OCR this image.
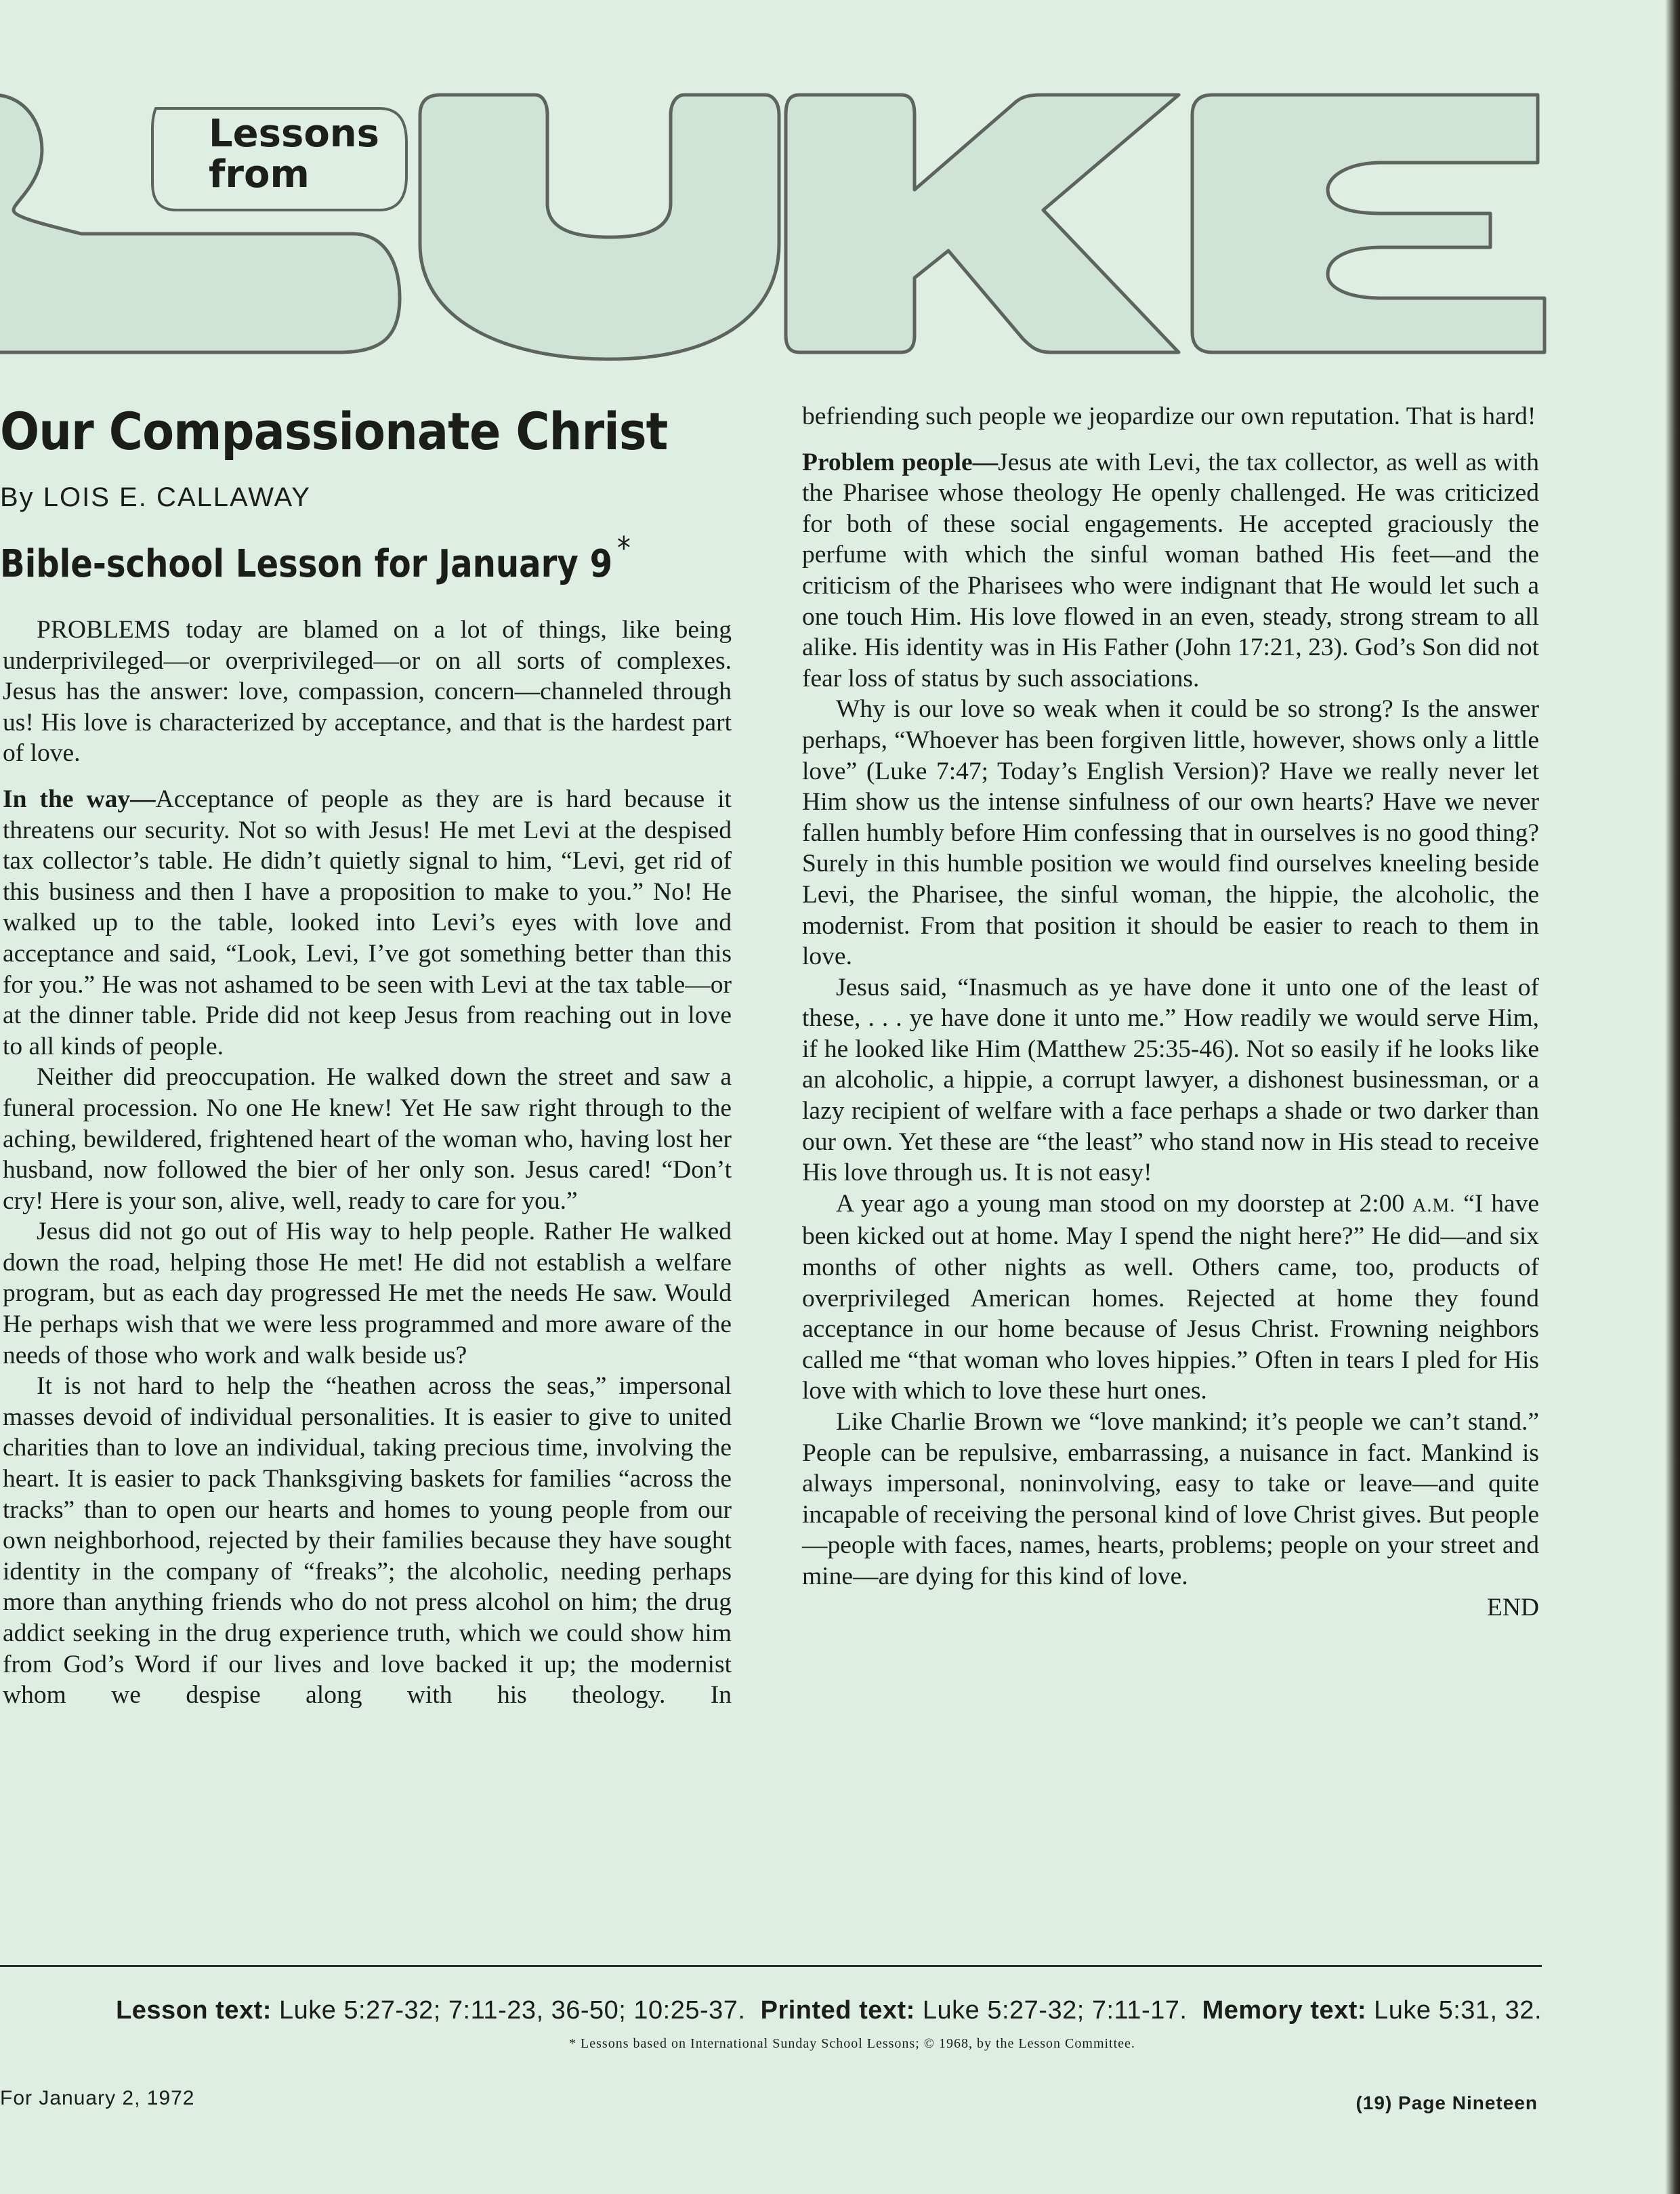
Lessons
from
Our Compassionate Christ
By LOIS E. CALLAWAY
Bible-school Lesson for January 9 *

PROBLEMS today are blamed on a lot of things, like being underprivileged—or overprivileged—or on all sorts of complexes. Jesus has the answer: love, compassion, concern—channeled through us! His love is characterized by acceptance, and that is the hardest part of love.

In the way—Acceptance of people as they are is hard because it threatens our security. Not so with Jesus! He met Levi at the despised tax collector’s table. He didn’t quietly signal to him, “Levi, get rid of this business and then I have a proposition to make to you.” No! He walked up to the table, looked into Levi’s eyes with love and acceptance and said, “Look, Levi, I’ve got something better than this for you.” He was not ashamed to be seen with Levi at the tax table—or at the dinner table. Pride did not keep Jesus from reaching out in love to all kinds of people.

Neither did preoccupation. He walked down the street and saw a funeral procession. No one He knew! Yet He saw right through to the aching, bewildered, frightened heart of the woman who, having lost her husband, now followed the bier of her only son. Jesus cared! “Don’t cry! Here is your son, alive, well, ready to care for you.”

Jesus did not go out of His way to help people. Rather He walked down the road, helping those He met! He did not establish a welfare program, but as each day progressed He met the needs He saw. Would He perhaps wish that we were less programmed and more aware of the needs of those who work and walk beside us?

It is not hard to help the “heathen across the seas,” impersonal masses devoid of individual personalities. It is easier to give to united charities than to love an individual, taking precious time, involving the heart. It is easier to pack Thanksgiving baskets for families “across the tracks” than to open our hearts and homes to young people from our own neighborhood, rejected by their families because they have sought identity in the company of “freaks”; the alcoholic, needing perhaps more than anything friends who do not press alcohol on him; the drug addict seeking in the drug experience truth, which we could show him from God’s Word if our lives and love backed it up; the modernist whom we despise along with his theology. In

befriending such people we jeopardize our own reputation. That is hard!

Problem people—Jesus ate with Levi, the tax collector, as well as with the Pharisee whose theology He openly challenged. He was criticized for both of these social engagements. He accepted graciously the perfume with which the sinful woman bathed His feet—and the criticism of the Pharisees who were indignant that He would let such a one touch Him. His love flowed in an even, steady, strong stream to all alike. His identity was in His Father (John 17:21, 23). God’s Son did not fear loss of status by such associations.

Why is our love so weak when it could be so strong? Is the answer perhaps, “Whoever has been forgiven little, however, shows only a little love” (Luke 7:47; Today’s English Version)? Have we really never let Him show us the intense sinfulness of our own hearts? Have we never fallen humbly before Him confessing that in ourselves is no good thing? Surely in this humble position we would find ourselves kneeling beside Levi, the Pharisee, the sinful woman, the hippie, the alcoholic, the modernist. From that position it should be easier to reach to them in love.

Jesus said, “Inasmuch as ye have done it unto one of the least of these, . . . ye have done it unto me.” How readily we would serve Him, if he looked like Him (Matthew 25:35-46). Not so easily if he looks like an alcoholic, a hippie, a corrupt lawyer, a dishonest businessman, or a lazy recipient of welfare with a face perhaps a shade or two darker than our own. Yet these are “the least” who stand now in His stead to receive His love through us. It is not easy!

A year ago a young man stood on my doorstep at 2:00 A.M. “I have been kicked out at home. May I spend the night here?” He did—and six months of other nights as well. Others came, too, products of overprivileged American homes. Rejected at home they found acceptance in our home because of Jesus Christ. Frowning neighbors called me “that woman who loves hippies.” Often in tears I pled for His love with which to love these hurt ones.

Like Charlie Brown we “love mankind; it’s people we can’t stand.” People can be repulsive, embarrassing, a nuisance in fact. Mankind is always impersonal, noninvolving, easy to take or leave—and quite incapable of receiving the personal kind of love Christ gives. But people—people with faces, names, hearts, problems; people on your street and mine—are dying for this kind of love.

END

Lesson text: Luke 5:27-32; 7:11-23, 36-50; 10:25-37. Printed text: Luke 5:27-32; 7:11-17. Memory text: Luke 5:31, 32.
* Lessons based on International Sunday School Lessons; © 1968, by the Lesson Committee.
For January 2, 1972	(19) Page Nineteen
